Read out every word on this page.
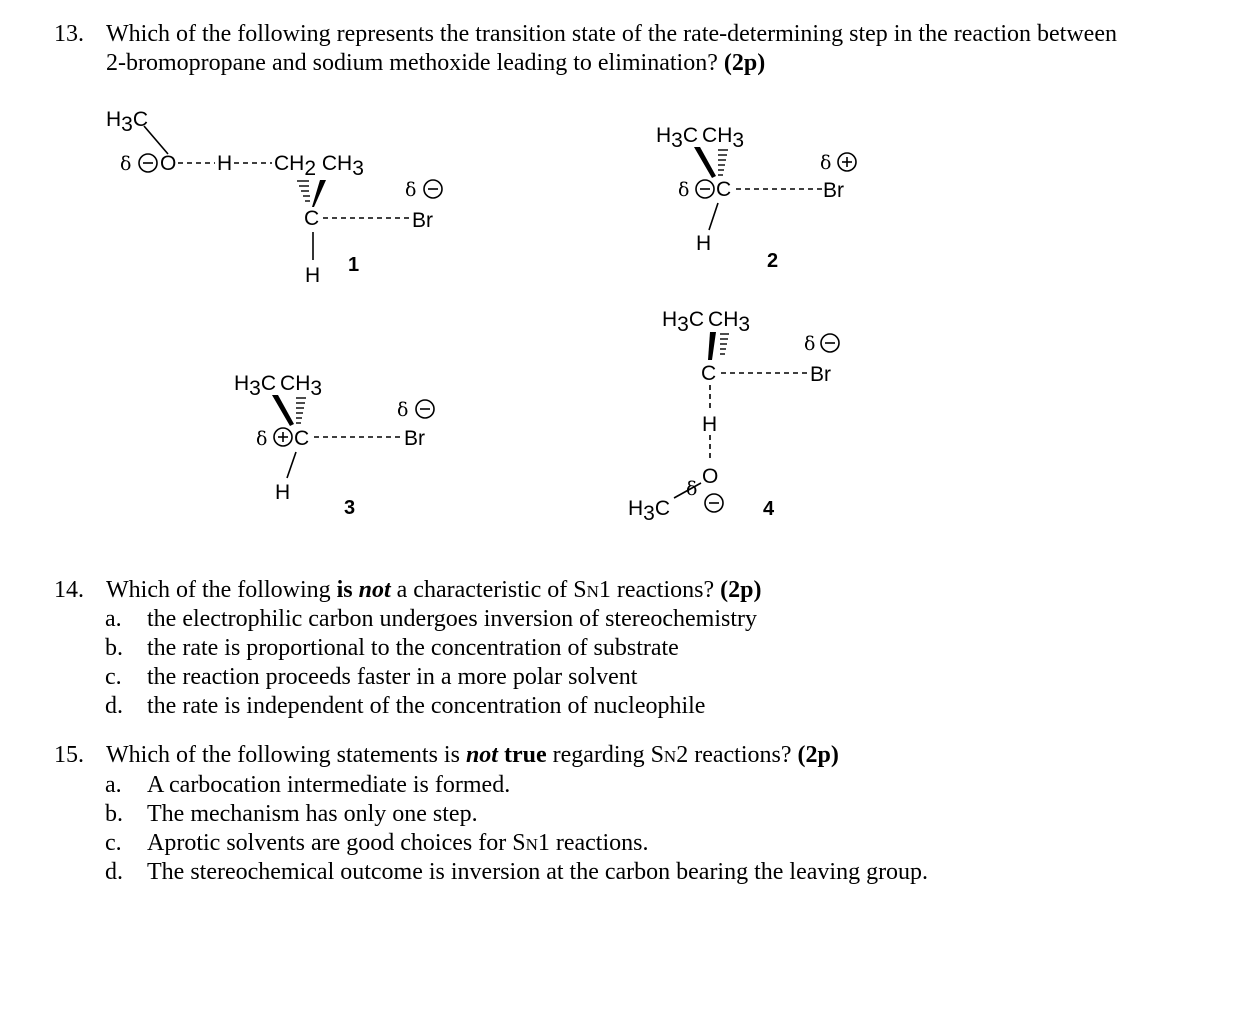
13. Which of the following represents the transition state of the rate-determining step in the reaction between
2-bromopropane and sodium methoxide leading to elimination? (2p)
H3C
δ O H CH2 CH3
C	Br
δ
H 1
H3C CH3
δ C	Br
δ
H
2
H3C CH3
δ C	Br
δ
H
3
H3C CH3
C	Br
δ
H
O
H3C
δ
4
14. Which of the following is not a characteristic of SN1 reactions? (2p)
a. the electrophilic carbon undergoes inversion of stereochemistry
b. the rate is proportional to the concentration of substrate
c. the reaction proceeds faster in a more polar solvent
d. the rate is independent of the concentration of nucleophile
15. Which of the following statements is not true regarding SN2 reactions? (2p)
a. A carbocation intermediate is formed.
b. The mechanism has only one step.
c. Aprotic solvents are good choices for SN1 reactions.
d. The stereochemical outcome is inversion at the carbon bearing the leaving group.
